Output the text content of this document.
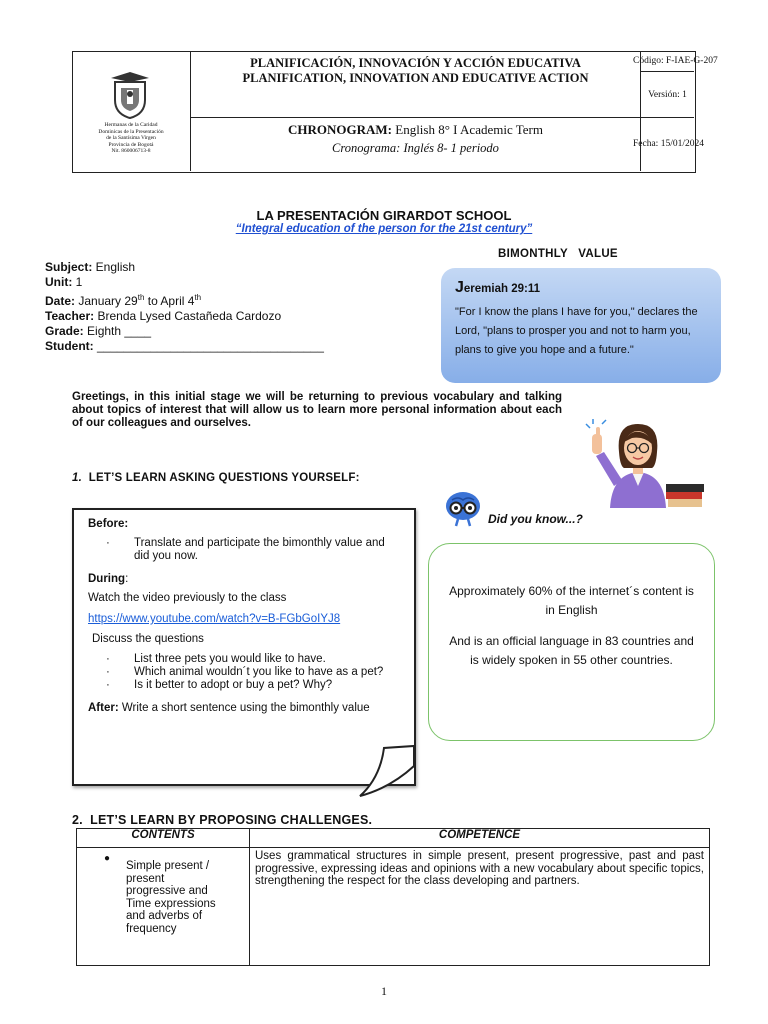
Hermanas de la Caridad
Dominicas de la Presentación
de la Santísima Virgen
Provincia de Bogotá
Nit. 860006713-8
PLANIFICACIÓN, INNOVACIÓN Y ACCIÓN EDUCATIVA
PLANIFICATION, INNOVATION AND EDUCATIVE ACTION
CHRONOGRAM: English 8° I Academic Term
Cronograma: Inglés 8- 1 periodo
Código: F-IAE-G-207
Versión: 1
Fecha: 15/01/2024
LA PRESENTACIÓN GIRARDOT SCHOOL
“Integral education of the person for the 21st century”
Subject: English
Unit: 1
Date: January 29th to April 4th
Teacher: Brenda Lysed Castañeda Cardozo
Grade: Eighth ____
Student: __________________________________
BIMONTHLY   VALUE
Jeremiah 29:11
"For I know the plans I have for you," declares the Lord, "plans to prosper you and not to harm you, plans to give you hope and a future."
Greetings, in this initial stage we will be returning to previous vocabulary and talking about topics of interest that will allow us to learn more personal information about each of our colleagues and ourselves.
1. LET’S LEARN ASKING QUESTIONS YOURSELF:
Before:
· Translate and participate the bimonthly value and did you now.
During:
Watch the video previously to the class
https://www.youtube.com/watch?v=B-FGbGoIYJ8
Discuss the questions
· List three pets you would like to have.
· Which animal wouldn´t you like to have as a pet?
· Is it better to adopt or buy a pet? Why?
After: Write a short sentence using the bimonthly value
Did you know...?

Approximately 60% of the internet´s content is in English

And is an official language in 83 countries and is widely spoken in 55 other countries.

2.  LET’S LEARN BY PROPOSING CHALLENGES.
CONTENTS	COMPETENCE

●
Simple present / present progressive and Time expressions and adverbs of frequency	Uses grammatical structures in simple present, present progressive, past and past progressive, expressing ideas and opinions with a new vocabulary about specific topics, strengthening the respect for the class developing and partners.
1
